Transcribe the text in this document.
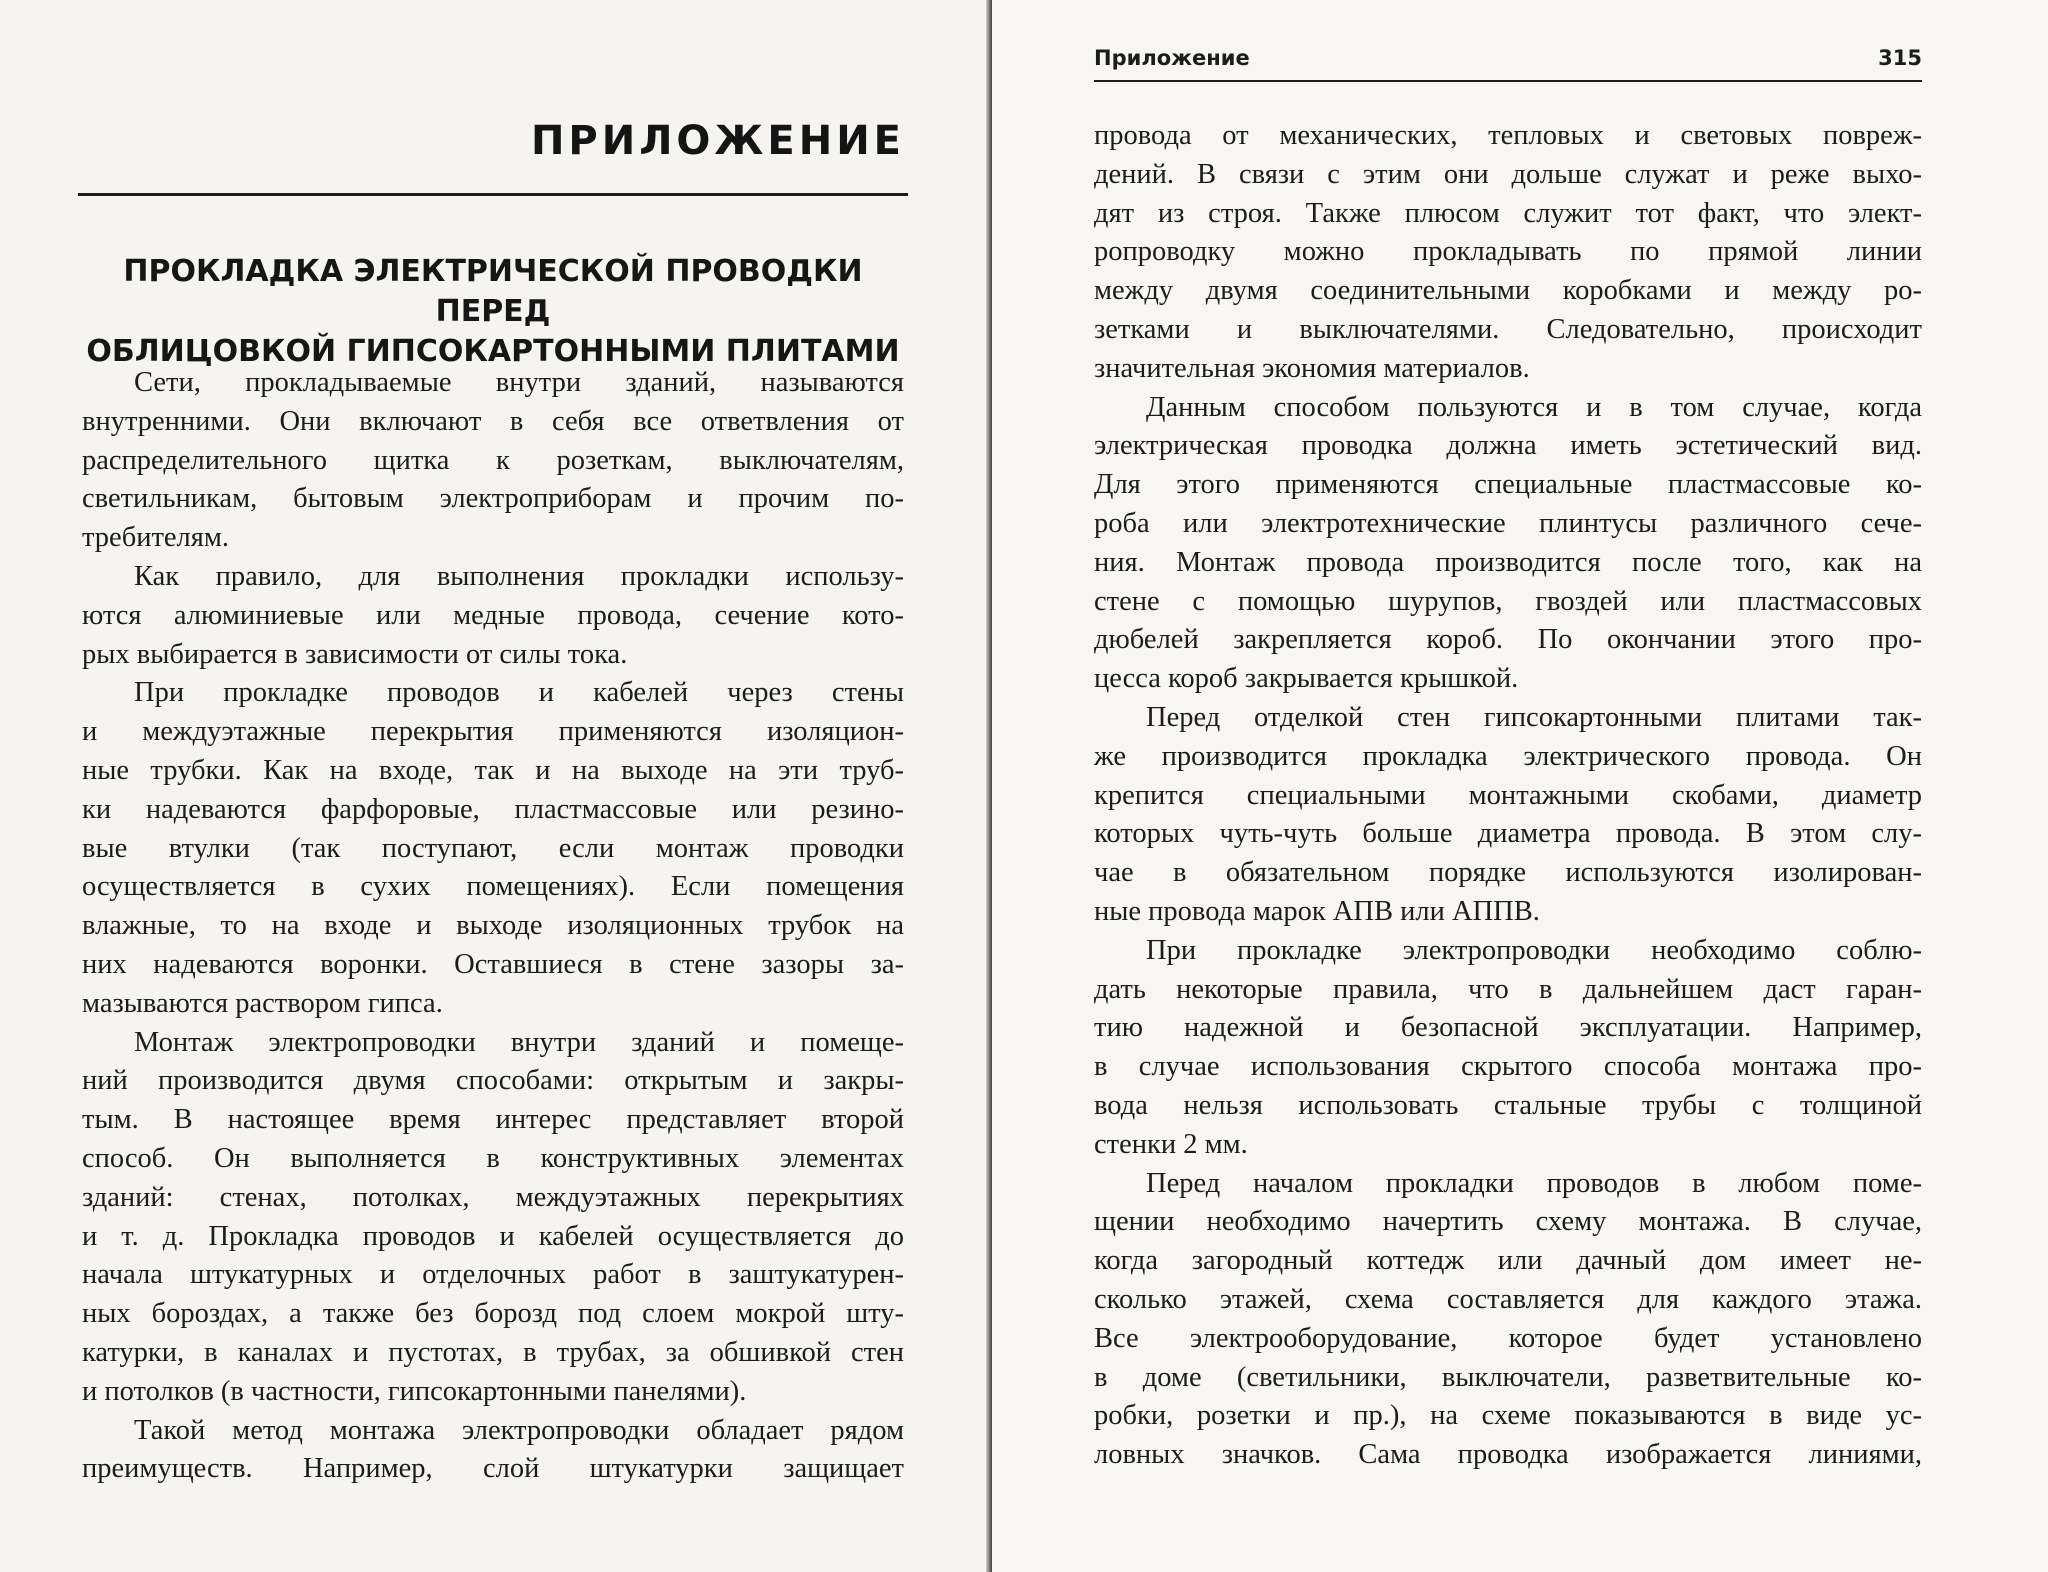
ПРИЛОЖЕНИЕ
ПРОКЛАДКА ЭЛЕКТРИЧЕСКОЙ ПРОВОДКИ ПЕРЕД
ОБЛИЦОВКОЙ ГИПСОКАРТОННЫМИ ПЛИТАМИ
Сети, прокладываемые внутри зданий, называются
внутренними. Они включают в себя все ответвления от
распределительного щитка к розеткам, выключателям,
светильникам, бытовым электроприборам и прочим по-
требителям.
Как правило, для выполнения прокладки использу-
ются алюминиевые или медные провода, сечение кото-
рых выбирается в зависимости от силы тока.
При прокладке проводов и кабелей через стены
и междуэтажные перекрытия применяются изоляцион-
ные трубки. Как на входе, так и на выходе на эти труб-
ки надеваются фарфоровые, пластмассовые или резино-
вые втулки (так поступают, если монтаж проводки
осуществляется в сухих помещениях). Если помещения
влажные, то на входе и выходе изоляционных трубок на
них надеваются воронки. Оставшиеся в стене зазоры за-
мазываются раствором гипса.
Монтаж электропроводки внутри зданий и помеще-
ний производится двумя способами: открытым и закры-
тым. В настоящее время интерес представляет второй
способ. Он выполняется в конструктивных элементах
зданий: стенах, потолках, междуэтажных перекрытиях
и т. д. Прокладка проводов и кабелей осуществляется до
начала штукатурных и отделочных работ в заштукатурен-
ных бороздах, а также без борозд под слоем мокрой шту-
катурки, в каналах и пустотах, в трубах, за обшивкой стен
и потолков (в частности, гипсокартонными панелями).
Такой метод монтажа электропроводки обладает рядом
преимуществ. Например, слой штукатурки защищает
Приложение	315
провода от механических, тепловых и световых повреж-
дений. В связи с этим они дольше служат и реже выхо-
дят из строя. Также плюсом служит тот факт, что элект-
ропроводку можно прокладывать по прямой линии
между двумя соединительными коробками и между ро-
зетками и выключателями. Следовательно, происходит
значительная экономия материалов.
Данным способом пользуются и в том случае, когда
электрическая проводка должна иметь эстетический вид.
Для этого применяются специальные пластмассовые ко-
роба или электротехнические плинтусы различного сече-
ния. Монтаж провода производится после того, как на
стене с помощью шурупов, гвоздей или пластмассовых
дюбелей закрепляется короб. По окончании этого про-
цесса короб закрывается крышкой.
Перед отделкой стен гипсокартонными плитами так-
же производится прокладка электрического провода. Он
крепится специальными монтажными скобами, диаметр
которых чуть-чуть больше диаметра провода. В этом слу-
чае в обязательном порядке используются изолирован-
ные провода марок АПВ или АППВ.
При прокладке электропроводки необходимо соблю-
дать некоторые правила, что в дальнейшем даст гаран-
тию надежной и безопасной эксплуатации. Например,
в случае использования скрытого способа монтажа про-
вода нельзя использовать стальные трубы с толщиной
стенки 2 мм.
Перед началом прокладки проводов в любом поме-
щении необходимо начертить схему монтажа. В случае,
когда загородный коттедж или дачный дом имеет не-
сколько этажей, схема составляется для каждого этажа.
Все электрооборудование, которое будет установлено
в доме (светильники, выключатели, разветвительные ко-
робки, розетки и пр.), на схеме показываются в виде ус-
ловных значков. Сама проводка изображается линиями,
